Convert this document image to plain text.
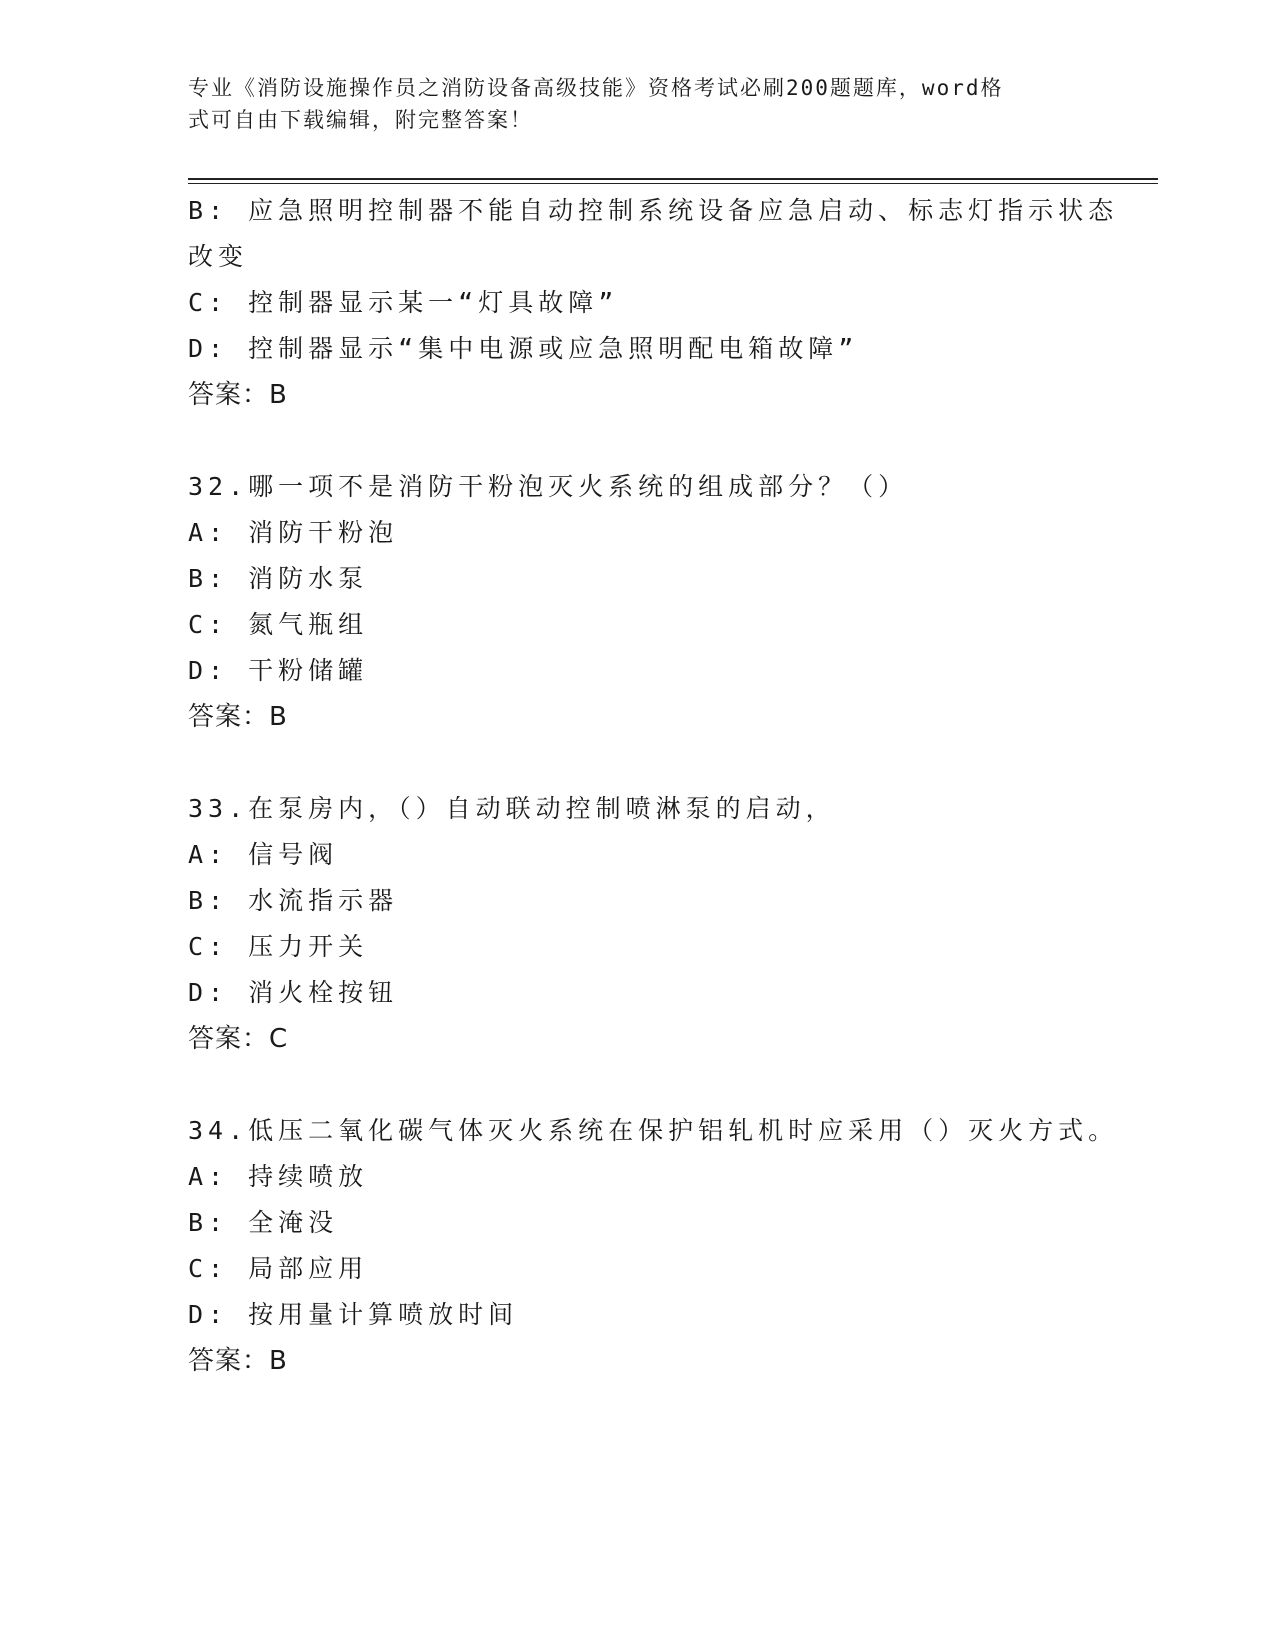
专业《消防设施操作员之消防设备高级技能》资格考试必刷200题题库，word格
式可自由下载编辑，附完整答案！
B: 应急照明控制器不能自动控制系统设备应急启动、标志灯指示状态
改变
C: 控制器显示某一“灯具故障”
D: 控制器显示“集中电源或应急照明配电箱故障”
答案：B
32.哪一项不是消防干粉泡灭火系统的组成部分？（）
A: 消防干粉泡
B: 消防水泵
C: 氮气瓶组
D: 干粉储罐
答案：B
33.在泵房内，（）自动联动控制喷淋泵的启动，
A: 信号阀
B: 水流指示器
C: 压力开关
D: 消火栓按钮
答案：C
34.低压二氧化碳气体灭火系统在保护铝轧机时应采用（）灭火方式。
A: 持续喷放
B: 全淹没
C: 局部应用
D: 按用量计算喷放时间
答案：B
